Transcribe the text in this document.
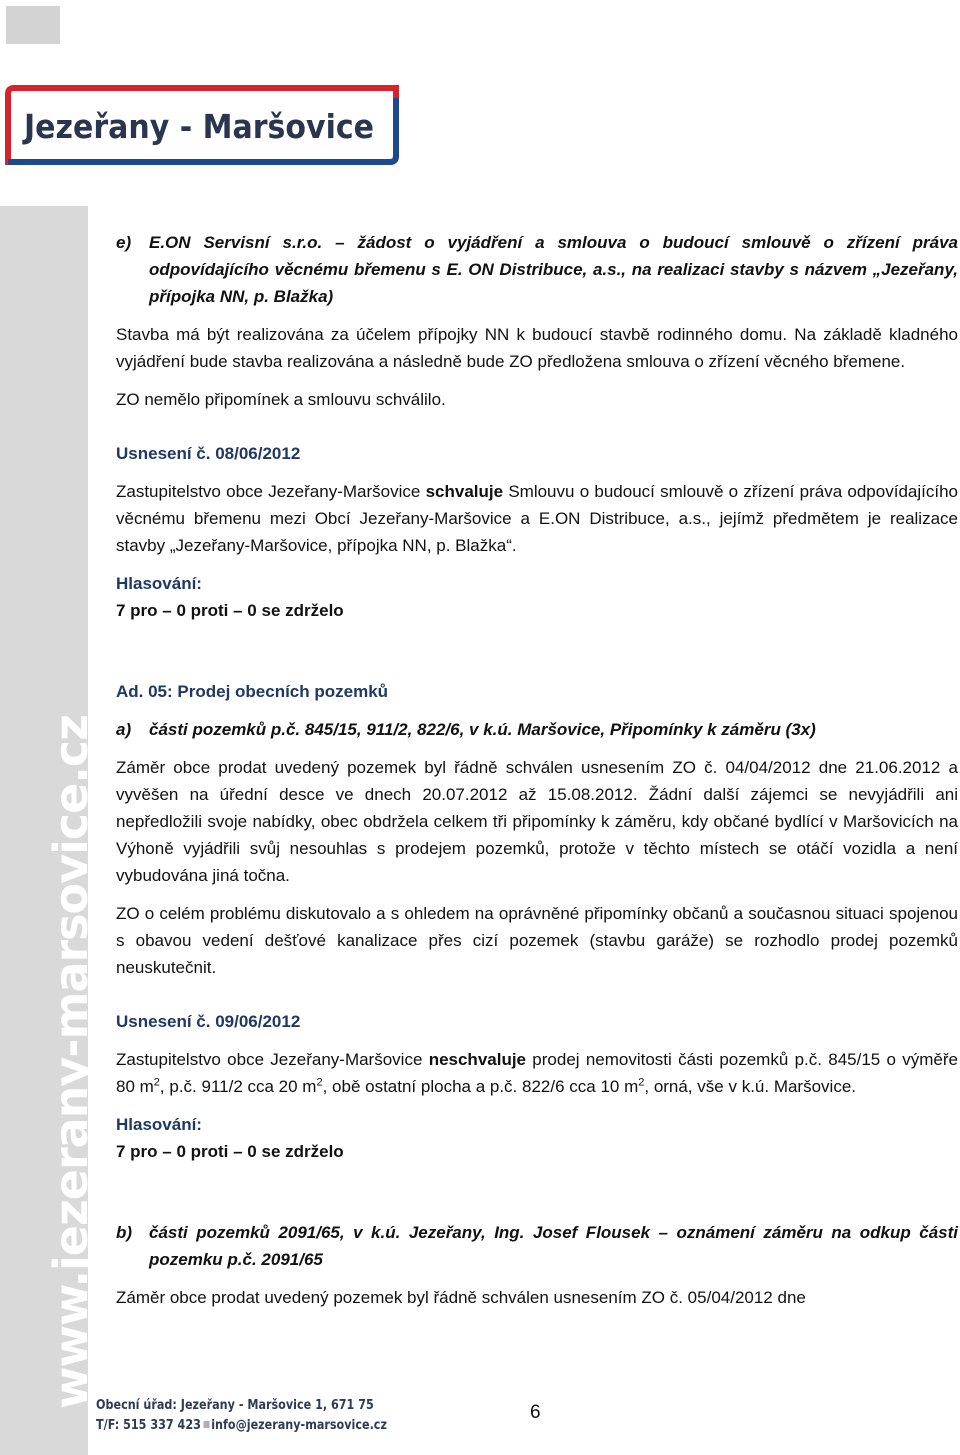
Jezeřany - Maršovice
www.jezerany-marsovice.cz
e)	E.ON Servisní s.r.o. – žádost o vyjádření a smlouva o budoucí smlouvě o zřízení práva odpovídajícího věcnému břemenu s E. ON Distribuce, a.s., na realizaci stavby s názvem „Jezeřany, přípojka NN, p. Blažka)

Stavba má být realizována za účelem přípojky NN k budoucí stavbě rodinného domu. Na základě kladného vyjádření bude stavba realizována a následně bude ZO předložena smlouva o zřízení věcného břemene.

ZO nemělo připomínek a smlouvu schválilo.

Usnesení č. 08/06/2012

Zastupitelstvo obce Jezeřany-Maršovice schvaluje Smlouvu o budoucí smlouvě o zřízení práva odpovídajícího věcnému břemenu mezi Obcí Jezeřany-Maršovice a E.ON Distribuce, a.s., jejímž předmětem je realizace stavby „Jezeřany-Maršovice, přípojka NN, p. Blažka“.

Hlasování:

7 pro – 0 proti – 0 se zdrželo

Ad. 05: Prodej obecních pozemků

a)	části pozemků p.č. 845/15, 911/2, 822/6, v k.ú. Maršovice, Připomínky k záměru (3x)

Záměr obce prodat uvedený pozemek byl řádně schválen usnesením ZO č. 04/04/2012 dne 21.06.2012 a vyvěšen na úřední desce ve dnech 20.07.2012 až 15.08.2012. Žádní další zájemci se nevyjádřili ani nepředložili svoje nabídky, obec obdržela celkem tři připomínky k záměru, kdy občané bydlící v Maršovicích na Výhoně vyjádřili svůj nesouhlas s prodejem pozemků, protože v těchto místech se otáčí vozidla a není vybudována jiná točna.

ZO o celém problému diskutovalo a s ohledem na oprávněné připomínky občanů a současnou situaci spojenou s obavou vedení dešťové kanalizace přes cizí pozemek (stavbu garáže) se rozhodlo prodej pozemků neuskutečnit.

Usnesení č. 09/06/2012

Zastupitelstvo obce Jezeřany-Maršovice neschvaluje prodej nemovitosti části pozemků p.č. 845/15 o výměře 80 $m^2$, p.č. 911/2 cca 20 $m^2$, obě ostatní plocha a p.č. 822/6 cca 10 $m^2$, orná, vše v k.ú. Maršovice.

Hlasování:

7 pro – 0 proti – 0 se zdrželo

b) části pozemků 2091/65, v k.ú. Jezeřany, Ing. Josef Flousek – oznámení záměru na odkup části pozemku p.č. 2091/65

Záměr obce prodat uvedený pozemek byl řádně schválen usnesením ZO č. 05/04/2012 dne

Obecní úřad: Jezeřany - Maršovice 1, 671 75
T/F: 515 337 423 info@jezerany-marsovice.cz
6
